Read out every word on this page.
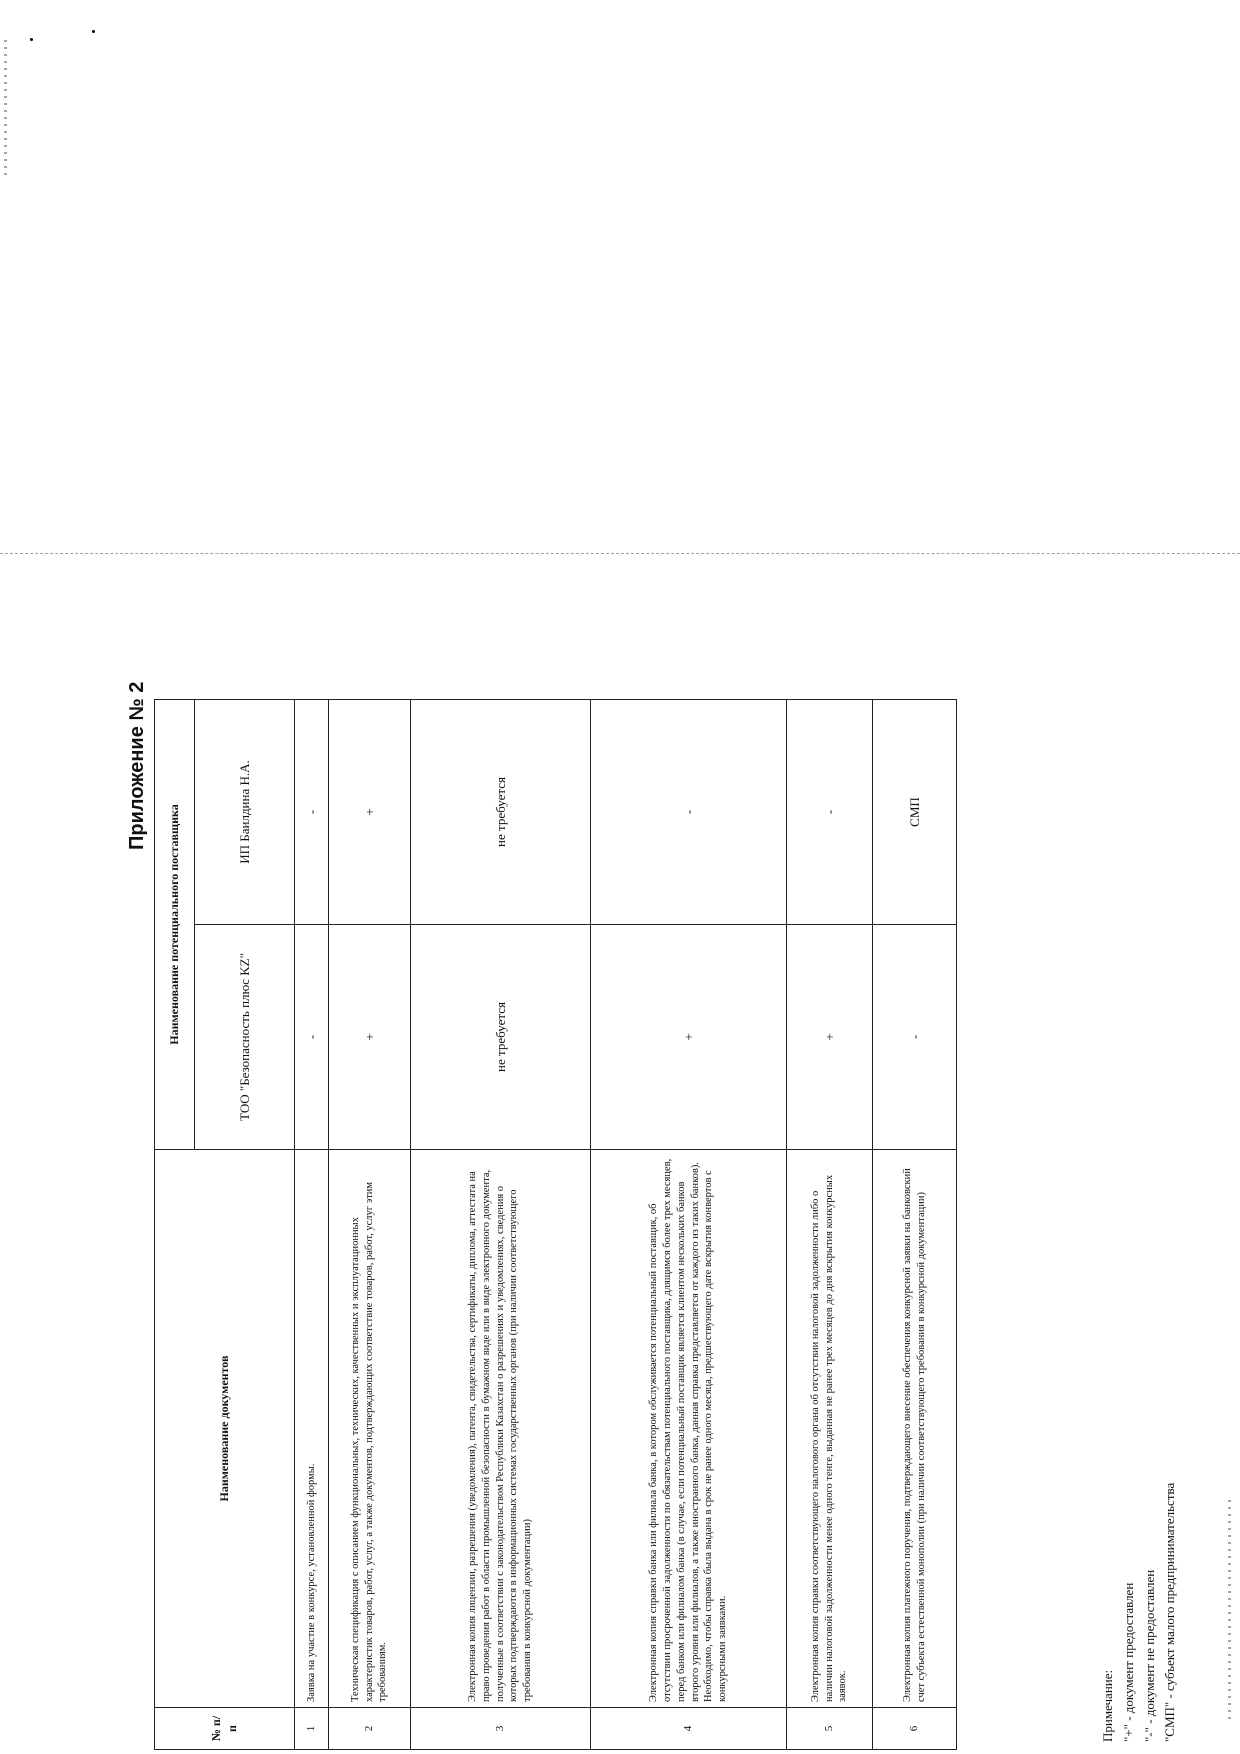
Приложение № 2
№ п/п	Наименование документов	Наименование потенциального поставщика	
		ТОО "Безопасность плюс KZ"	ИП Баилдина Н.А.
1	Заявка на участие в конкурсе, установленной формы.	-	-
2	Техническая спецификация с описанием функциональных, технических, качественных и эксплуатационных характеристик товаров, работ, услуг, а также документов, подтверждающих соответствие товаров, работ, услуг этим требованиям.	+	+
3	Электронная копия лицензии, разрешения (уведомления), патента, свидетельства, сертификаты, диплома, аттестата на право проведения работ в области промышленной безопасности в бумажном виде или в виде электронного документа, полученные в соответствии с законодательством Республики Казахстан о разрешениях и уведомлениях, сведения о которых подтверждаются в информационных системах государственных органов (при наличии соответствующего требования в конкурсной документации)	не требуется	не требуется
4	Электронная копия справки банка или филиала банка, в котором обслуживается потенциальный поставщик, об отсутствии просроченной задолженности по обязательствам потенциального поставщика, длящимся более трех месяцев, перед банком или филиалом банка (в случае, если потенциальный поставщик является клиентом нескольких банков второго уровня или филиалов, а также иностранного банка, данная справка представляется от каждого из таких банков). Необходимо, чтобы справка была выдана в срок не ранее одного месяца, предшествующего дате вскрытия конвертов с конкурсными заявками.	+	-
5	Электронная копия справки соответствующего налогового органа об отсутствии налоговой задолженности либо о наличии налоговой задолженности менее одного тенге, выданная не ранее трех месяцев до дня вскрытия конкурсных заявок.	+	-
6	Электронная копия платежного поручения, подтверждающего внесение обеспечения конкурсной заявки на банковский счет субъекта естественной монополии (при наличии соответствующего требования в конкурсной документации)	-	СМП
Примечание: "+" - документ предоставлен "-" - документ не предоставлен "СМП" - субъект малого предпринимательства
